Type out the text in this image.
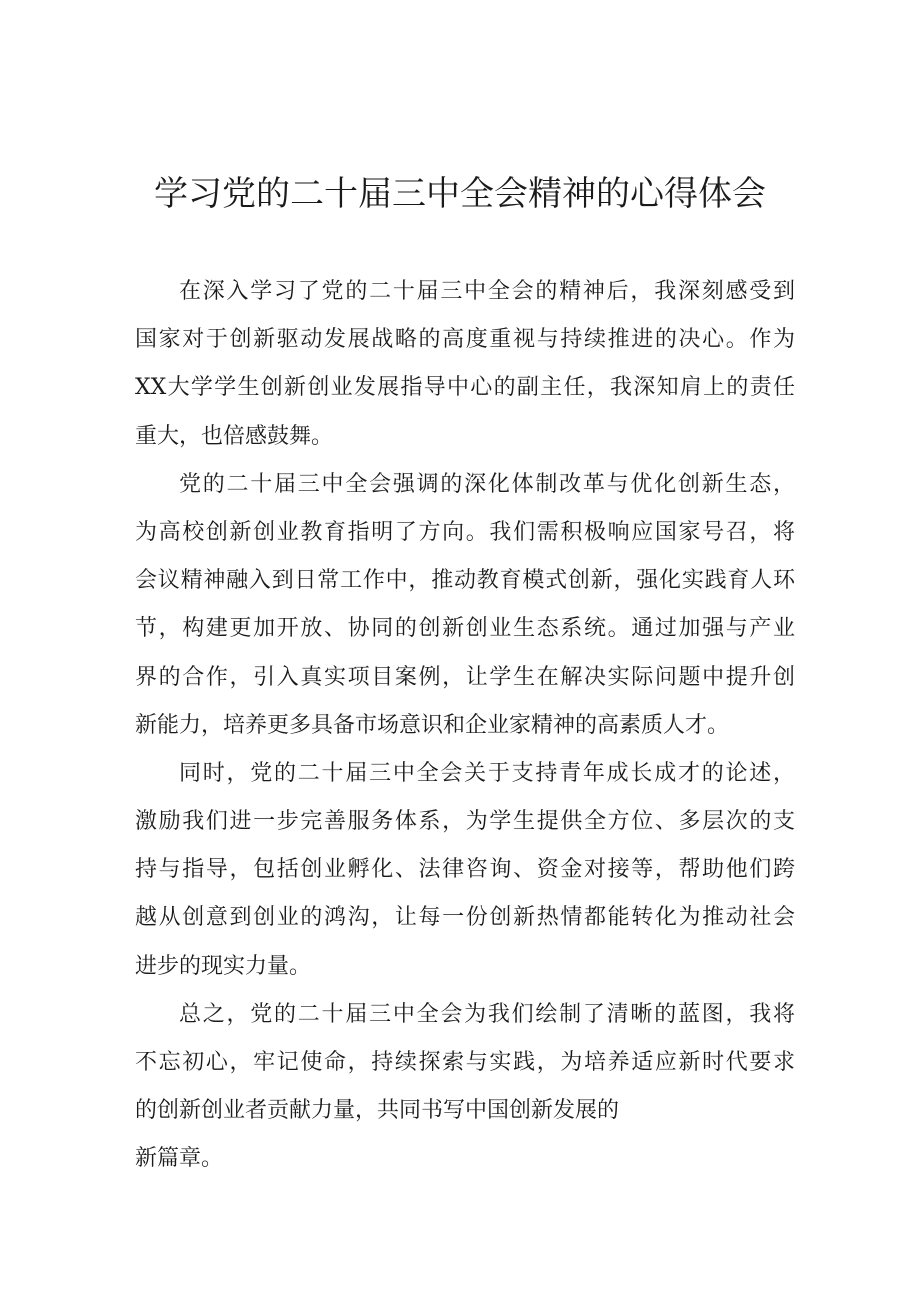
学习党的二十届三中全会精神的心得体会
在深入学习了党的二十届三中全会的精神后，我深刻感受到
国家对于创新驱动发展战略的高度重视与持续推进的决心。作为
XX大学学生创新创业发展指导中心的副主任，我深知肩上的责任
重大，也倍感鼓舞。
党的二十届三中全会强调的深化体制改革与优化创新生态，
为高校创新创业教育指明了方向。我们需积极响应国家号召，将
会议精神融入到日常工作中，推动教育模式创新，强化实践育人环
节，构建更加开放、协同的创新创业生态系统。通过加强与产业
界的合作，引入真实项目案例，让学生在解决实际问题中提升创
新能力，培养更多具备市场意识和企业家精神的高素质人才。
同时，党的二十届三中全会关于支持青年成长成才的论述，
激励我们进一步完善服务体系，为学生提供全方位、多层次的支
持与指导，包括创业孵化、法律咨询、资金对接等，帮助他们跨
越从创意到创业的鸿沟，让每一份创新热情都能转化为推动社会
进步的现实力量。
总之，党的二十届三中全会为我们绘制了清晰的蓝图，我将
不忘初心，牢记使命，持续探索与实践，为培养适应新时代要求
的创新创业者贡献力量，共同书写中国创新发展的
新篇章。
